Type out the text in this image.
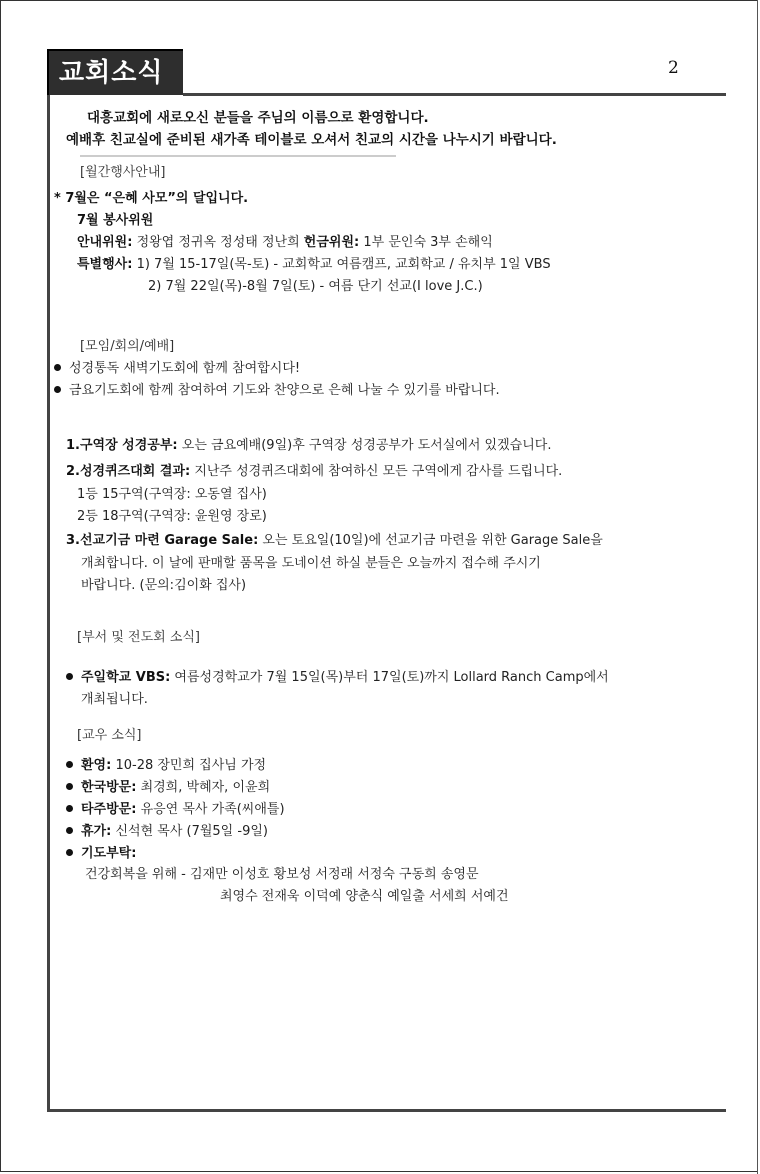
교회소식	2
대흥교회에 새로오신 분들을 주님의 이름으로 환영합니다.
예배후 친교실에 준비된 새가족 테이블로 오셔서 친교의 시간을 나누시기 바랍니다.
[월간행사안내]
* 7월은 “은혜 사모”의 달입니다.
7월 봉사위원
안내위원: 정왕엽 정귀옥 정성태 정난희 헌금위원: 1부 문인숙 3부 손해익
특별행사: 1) 7월 15-17일(목-토) - 교회학교 여름캠프, 교회학교 / 유치부 1일 VBS
2) 7월 22일(목)-8월 7일(토) - 여름 단기 선교(I love J.C.)
[모임/회의/예배]
성경통독 새벽기도회에 함께 참여합시다!
금요기도회에 함께 참여하여 기도와 찬양으로 은혜 나눌 수 있기를 바랍니다.
1.구역장 성경공부: 오는 금요예배(9일)후 구역장 성경공부가 도서실에서 있겠습니다.
2.성경퀴즈대회 결과: 지난주 성경퀴즈대회에 참여하신 모든 구역에게 감사를 드립니다.
1등 15구역(구역장: 오동열 집사)
2등 18구역(구역장: 윤원영 장로)
3.선교기금 마련 Garage Sale: 오는 토요일(10일)에 선교기금 마련을 위한 Garage Sale을
개최합니다. 이 날에 판매할 품목을 도네이션 하실 분들은 오늘까지 접수해 주시기
바랍니다. (문의:김이화 집사)
[부서 및 전도회 소식]
주일학교 VBS: 여름성경학교가 7월 15일(목)부터 17일(토)까지 Lollard Ranch Camp에서
개최됩니다.
[교우 소식]
환영: 10-28 장민희 집사님 가정
한국방문: 최경희, 박혜자, 이윤희
타주방문: 유응연 목사 가족(씨애틀)
휴가: 신석현 목사 (7월5일 -9일)
기도부탁:
건강회복을 위해 - 김재만 이성호 황보성 서정래 서정숙 구동희 송영문
최영수 전재욱 이덕예 양춘식 예일출 서세희 서예건
